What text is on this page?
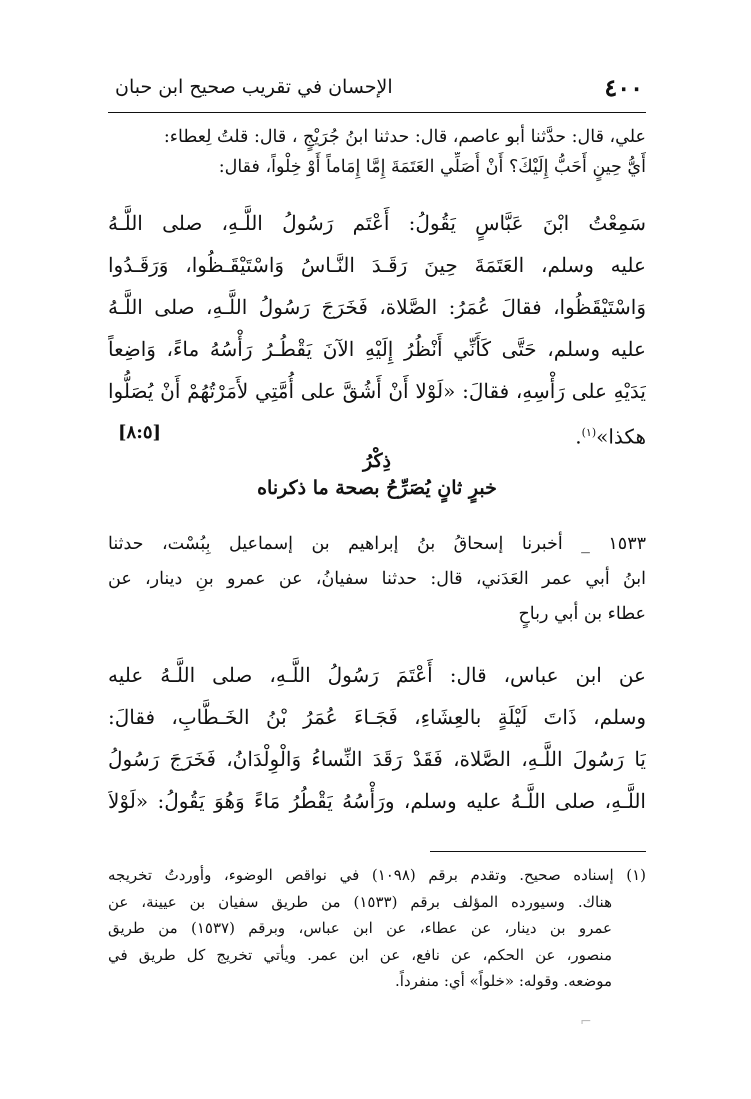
٤٠٠
الإحسان في تقريب صحيح ابن حبان
علي، قال: حدَّثنا أبو عاصم، قال: حدثنا ابنُ جُرَيْجٍ ، قال: قلتُ لِعطاء:
أَيُّ حِينٍ أَحَبُّ إِلَيْكَ؟ أَنْ أُصَلِّي العَتَمَةَ إِمَّا إِمَاماً أَوْ خِلْواً، فقال:
سَمِعْتُ ابْنَ عَبَّاسٍ يَقُولُ: أَعْتَم رَسُولُ اللَّـهِ، صلى اللَّـهُ
عليه وسلم، العَتَمَةَ حِينَ رَقَـدَ النَّـاسُ وَاسْتَيْقَـظُوا، وَرَقَـدُوا
وَاسْتَيْقَظُوا، فقالَ عُمَرُ: الصَّلاة، فَخَرَجَ رَسُولُ اللَّـهِ، صلى اللَّـهُ
عليه وسلم، حَتَّى كَأَنِّي أَنْظُرُ إِلَيْهِ الآنَ يَقْطُـرُ رَأْسُهُ ماءً، وَاضِعاً
يَدَيْهِ على رَأْسِهِ، فقالَ: «لَوْلا أَنْ أَشُقَّ على أُمَّتِي لأَمَرْتُهُمْ أَنْ يُصَلُّوا
هكذا»$^{(١)}$.
[٨:٥]
ذِكْرُ
خبرٍ ثانٍ يُصَرِّحُ بصحة ما ذكرناه
١٥٣٣ _ أخبرنا إسحاقُ بنُ إبراهيم بن إسماعيل بِبُسْت، حدثنا
ابنُ أبي عمر العَدَني، قال: حدثنا سفيانُ، عن عمرو بنِ دينار، عن
عطاء بن أبي رباحٍ
عن ابن عباس، قال: أَعْتَمَ رَسُولُ اللَّـهِ، صلى اللَّـهُ عليه
وسلم، ذَاتَ لَيْلَةٍ بالعِشَاءِ، فَجَـاءَ عُمَرُ بْنُ الخَـطَّابِ، فقالَ:
يَا رَسُولَ اللَّـهِ، الصَّلاة، فَقَدْ رَقَدَ النِّساءُ وَالْوِلْدَانُ، فَخَرَجَ رَسُولُ
اللَّـهِ، صلى اللَّـهُ عليه وسلم، ورَأْسُهُ يَقْطُرُ مَاءً وَهُوَ يَقُولُ: «لَوْلاَ
(١) إسناده صحيح. وتقدم برقم (١٠٩٨) في نواقص الوضوء، وأوردتُ تخريجه
هناك. وسيورده المؤلف برقم (١٥٣٣) من طريق سفيان بن عيينة، عن
عمرو بن دينار، عن عطاء، عن ابن عباس، وبرقم (١٥٣٧) من طريق
منصور، عن الحكم، عن نافع، عن ابن عمر. ويأتي تخريج كل طريق في
موضعه. وقوله: «خلواً» أي: منفرداً.
⌐
